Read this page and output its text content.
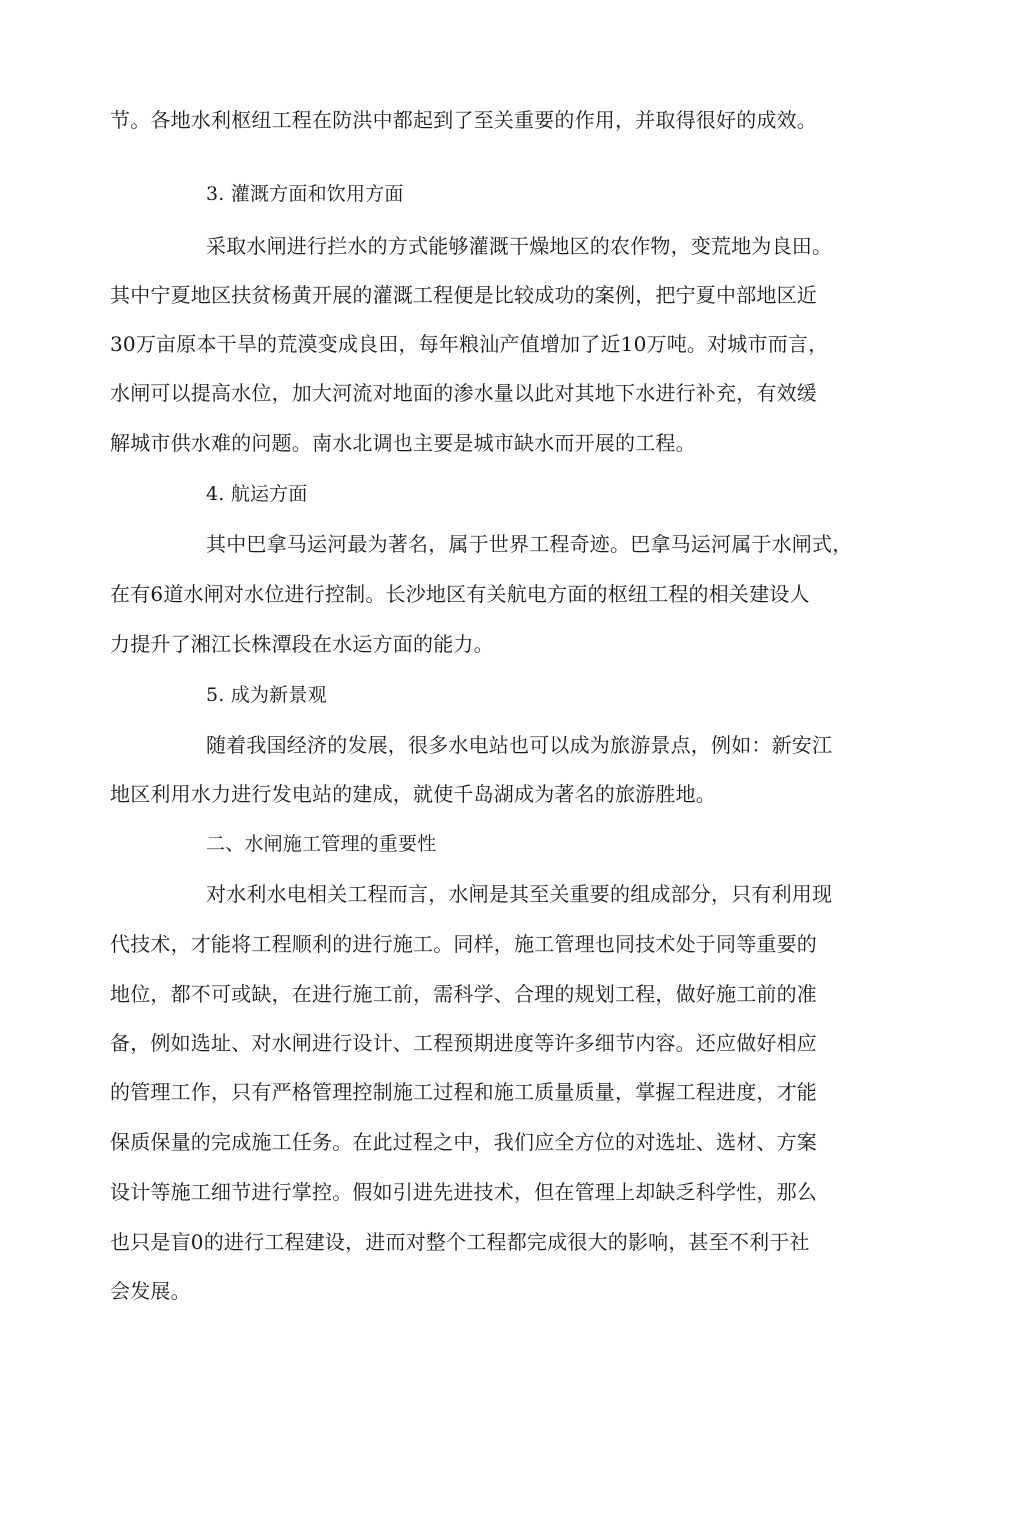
节。各地水利枢纽工程在防洪中都起到了至关重要的作用，并取得很好的成效。
3. 灌溉方面和饮用方面
采取水闸进行拦水的方式能够灌溉干燥地区的农作物，变荒地为良田。
其中宁夏地区扶贫杨黄开展的灌溉工程便是比较成功的案例，把宁夏中部地区近
30万亩原本干旱的荒漠变成良田，每年粮汕产值增加了近10万吨。对城市而言，
水闸可以提高水位，加大河流对地面的渗水量以此对其地下水进行补充，有效缓
解城市供水难的问题。南水北调也主要是城市缺水而开展的工程。
4. 航运方面
其中巴拿马运河最为著名，属于世界工程奇迹。巴拿马运河属于水闸式，
在有6道水闸对水位进行控制。长沙地区有关航电方面的枢纽工程的相关建设人
力提升了湘江长株潭段在水运方面的能力。
5. 成为新景观
随着我国经济的发展，很多水电站也可以成为旅游景点，例如：新安江
地区利用水力进行发电站的建成，就使千岛湖成为著名的旅游胜地。
二、水闸施工管理的重要性
对水利水电相关工程而言，水闸是其至关重要的组成部分，只有利用现
代技术，才能将工程顺利的进行施工。同样，施工管理也同技术处于同等重要的
地位，都不可或缺，在进行施工前，需科学、合理的规划工程，做好施工前的准
备，例如选址、对水闸进行设计、工程预期进度等许多细节内容。还应做好相应
的管理工作，只有严格管理控制施工过程和施工质量质量，掌握工程进度，才能
保质保量的完成施工任务。在此过程之中，我们应全方位的对选址、选材、方案
设计等施工细节进行掌控。假如引进先进技术，但在管理上却缺乏科学性，那么
也只是盲0的进行工程建设，进而对整个工程都完成很大的影响，甚至不利于社
会发展。
